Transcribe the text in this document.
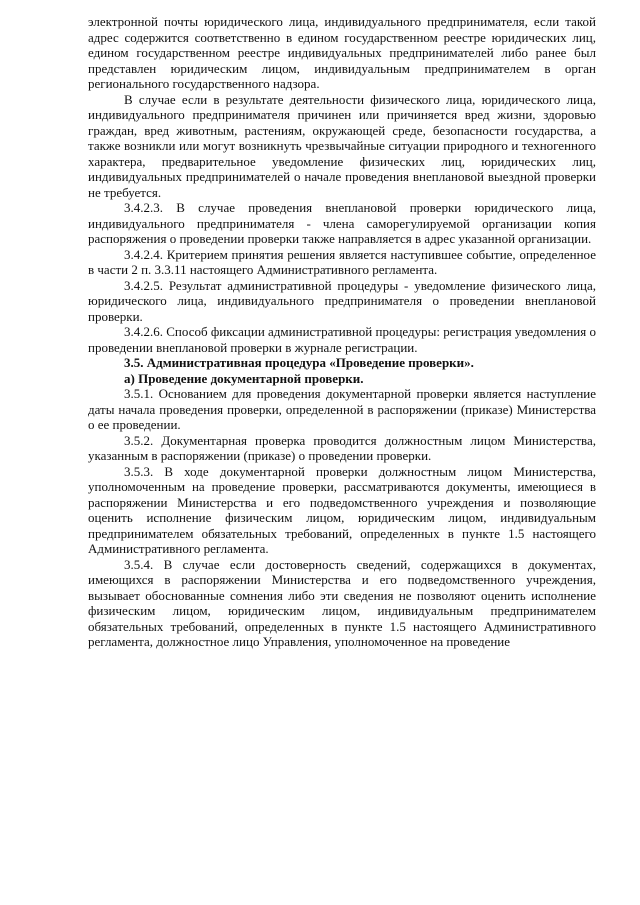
электронной почты юридического лица, индивидуального предпринимателя, если такой адрес содержится соответственно в едином государственном реестре юридических лиц, едином государственном реестре индивидуальных предпринимателей либо ранее был представлен юридическим лицом, индивидуальным предпринимателем в орган регионального государственного надзора.

В случае если в результате деятельности физического лица, юридического лица, индивидуального предпринимателя причинен или причиняется вред жизни, здоровью граждан, вред животным, растениям, окружающей среде, безопасности государства, а также возникли или могут возникнуть чрезвычайные ситуации природного и техногенного характера, предварительное уведомление физических лиц, юридических лиц, индивидуальных предпринимателей о начале проведения внеплановой выездной проверки не требуется.

3.4.2.3. В случае проведения внеплановой проверки юридического лица, индивидуального предпринимателя - члена саморегулируемой организации копия распоряжения о проведении проверки также направляется в адрес указанной организации.

3.4.2.4. Критерием принятия решения является наступившее событие, определенное в части 2 п. 3.3.11 настоящего Административного регламента.

3.4.2.5. Результат административной процедуры - уведомление физического лица, юридического лица, индивидуального предпринимателя о проведении внеплановой проверки.

3.4.2.6. Способ фиксации административной процедуры: регистрация уведомления о проведении внеплановой проверки в журнале регистрации.

3.5. Административная процедура «Проведение проверки».

а) Проведение документарной проверки.

3.5.1. Основанием для проведения документарной проверки является наступление даты начала проведения проверки, определенной в распоряжении (приказе) Министерства о ее проведении.

3.5.2. Документарная проверка проводится должностным лицом Министерства, указанным в распоряжении (приказе) о проведении проверки.

3.5.3. В ходе документарной проверки должностным лицом Министерства, уполномоченным на проведение проверки, рассматриваются документы, имеющиеся в распоряжении Министерства и его подведомственного учреждения и позволяющие оценить исполнение физическим лицом, юридическим лицом, индивидуальным предпринимателем обязательных требований, определенных в пункте 1.5 настоящего Административного регламента.

3.5.4. В случае если достоверность сведений, содержащихся в документах, имеющихся в распоряжении Министерства и его подведомственного учреждения, вызывает обоснованные сомнения либо эти сведения не позволяют оценить исполнение физическим лицом, юридическим лицом, индивидуальным предпринимателем обязательных требований, определенных в пункте 1.5 настоящего Административного регламента, должностное лицо Управления, уполномоченное на проведение
